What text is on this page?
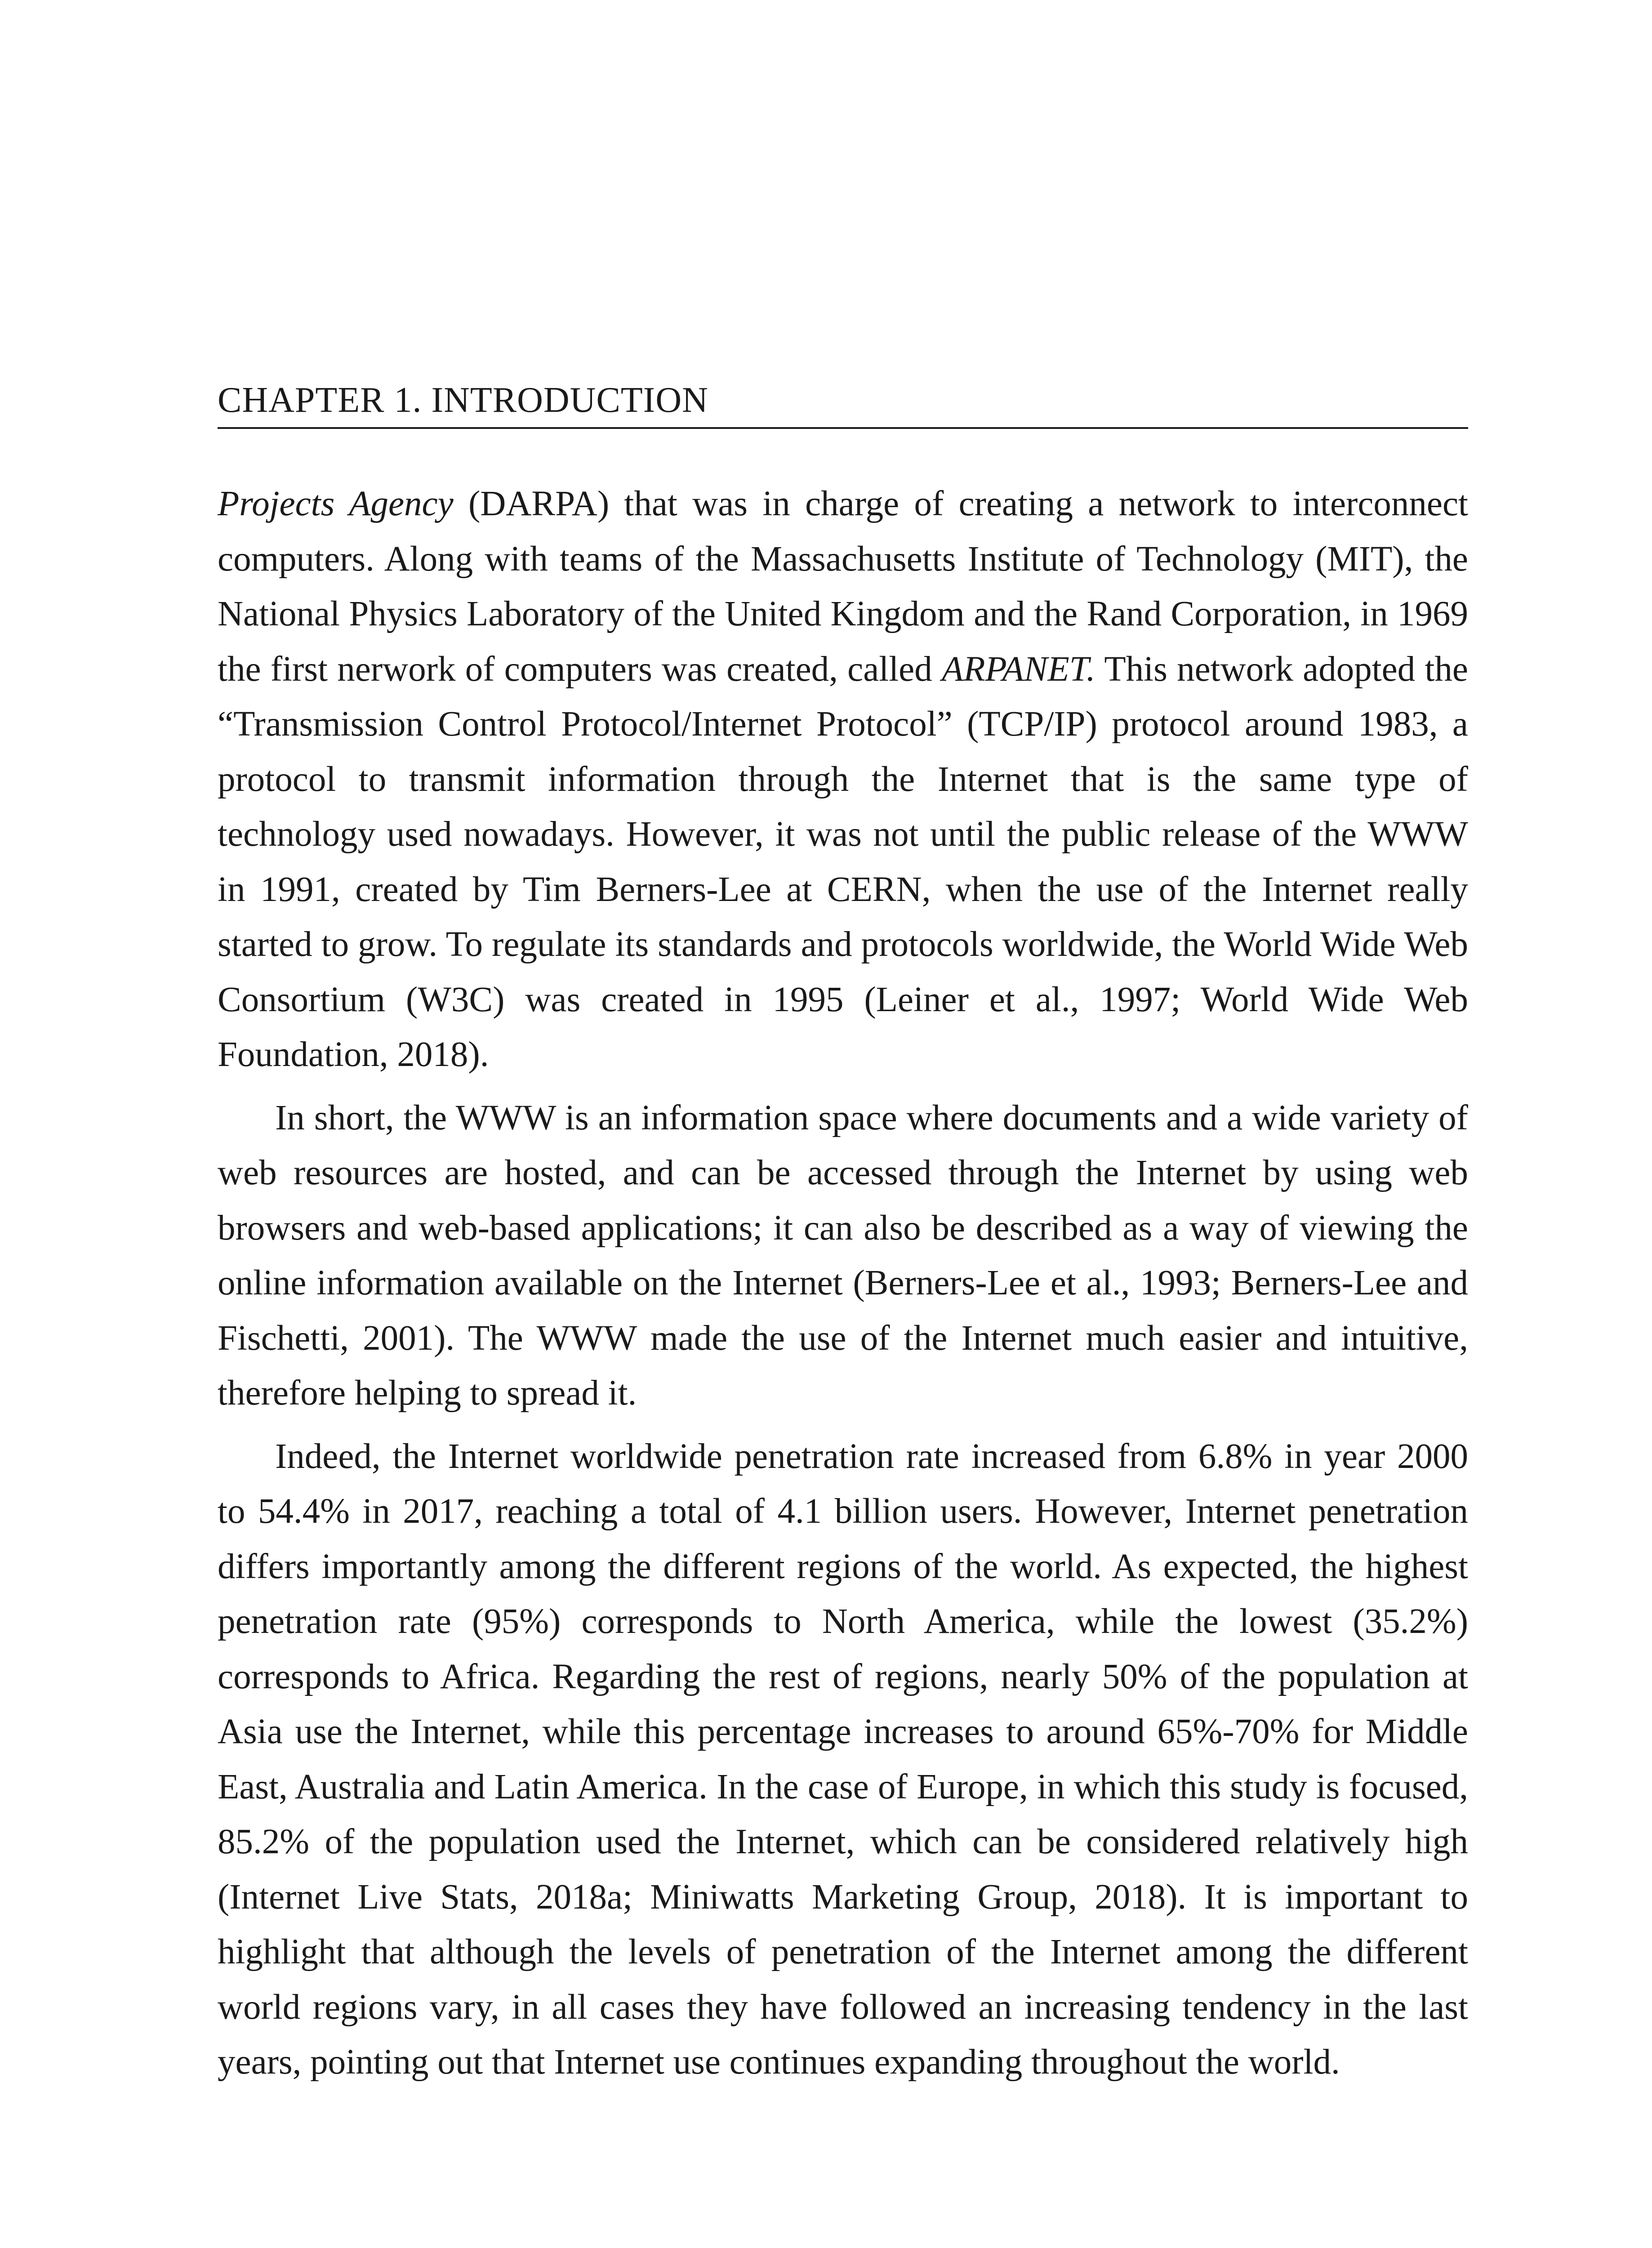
CHAPTER 1. INTRODUCTION

Projects Agency (DARPA) that was in charge of creating a network to interconnect computers. Along with teams of the Massachusetts Institute of Technology (MIT), the National Physics Laboratory of the United Kingdom and the Rand Corporation, in 1969 the first nerwork of computers was created, called ARPANET. This network adopted the “Transmission Control Protocol/Internet Protocol” (TCP/IP) protocol around 1983, a protocol to transmit information through the Internet that is the same type of technology used nowadays. However, it was not until the public release of the WWW in 1991, created by Tim Berners-Lee at CERN, when the use of the Internet really started to grow. To regulate its standards and protocols worldwide, the World Wide Web Consortium (W3C) was created in 1995 (Leiner et al., 1997; World Wide Web Foundation, 2018).

In short, the WWW is an information space where documents and a wide variety of web resources are hosted, and can be accessed through the Internet by using web browsers and web-based applications; it can also be described as a way of viewing the online information available on the Internet (Berners-Lee et al., 1993; Berners-Lee and Fischetti, 2001). The WWW made the use of the Internet much easier and intuitive, therefore helping to spread it.

Indeed, the Internet worldwide penetration rate increased from 6.8% in year 2000 to 54.4% in 2017, reaching a total of 4.1 billion users. However, Internet penetration differs importantly among the different regions of the world. As expected, the highest penetration rate (95%) corresponds to North America, while the lowest (35.2%) corresponds to Africa. Regarding the rest of regions, nearly 50% of the population at Asia use the Internet, while this percentage increases to around 65%-70% for Middle East, Australia and Latin America. In the case of Europe, in which this study is focused, 85.2% of the population used the Internet, which can be considered relatively high (Internet Live Stats, 2018a; Miniwatts Marketing Group, 2018). It is important to highlight that although the levels of penetration of the Internet among the different world regions vary, in all cases they have followed an increasing tendency in the last years, pointing out that Internet use continues expanding throughout the world.
